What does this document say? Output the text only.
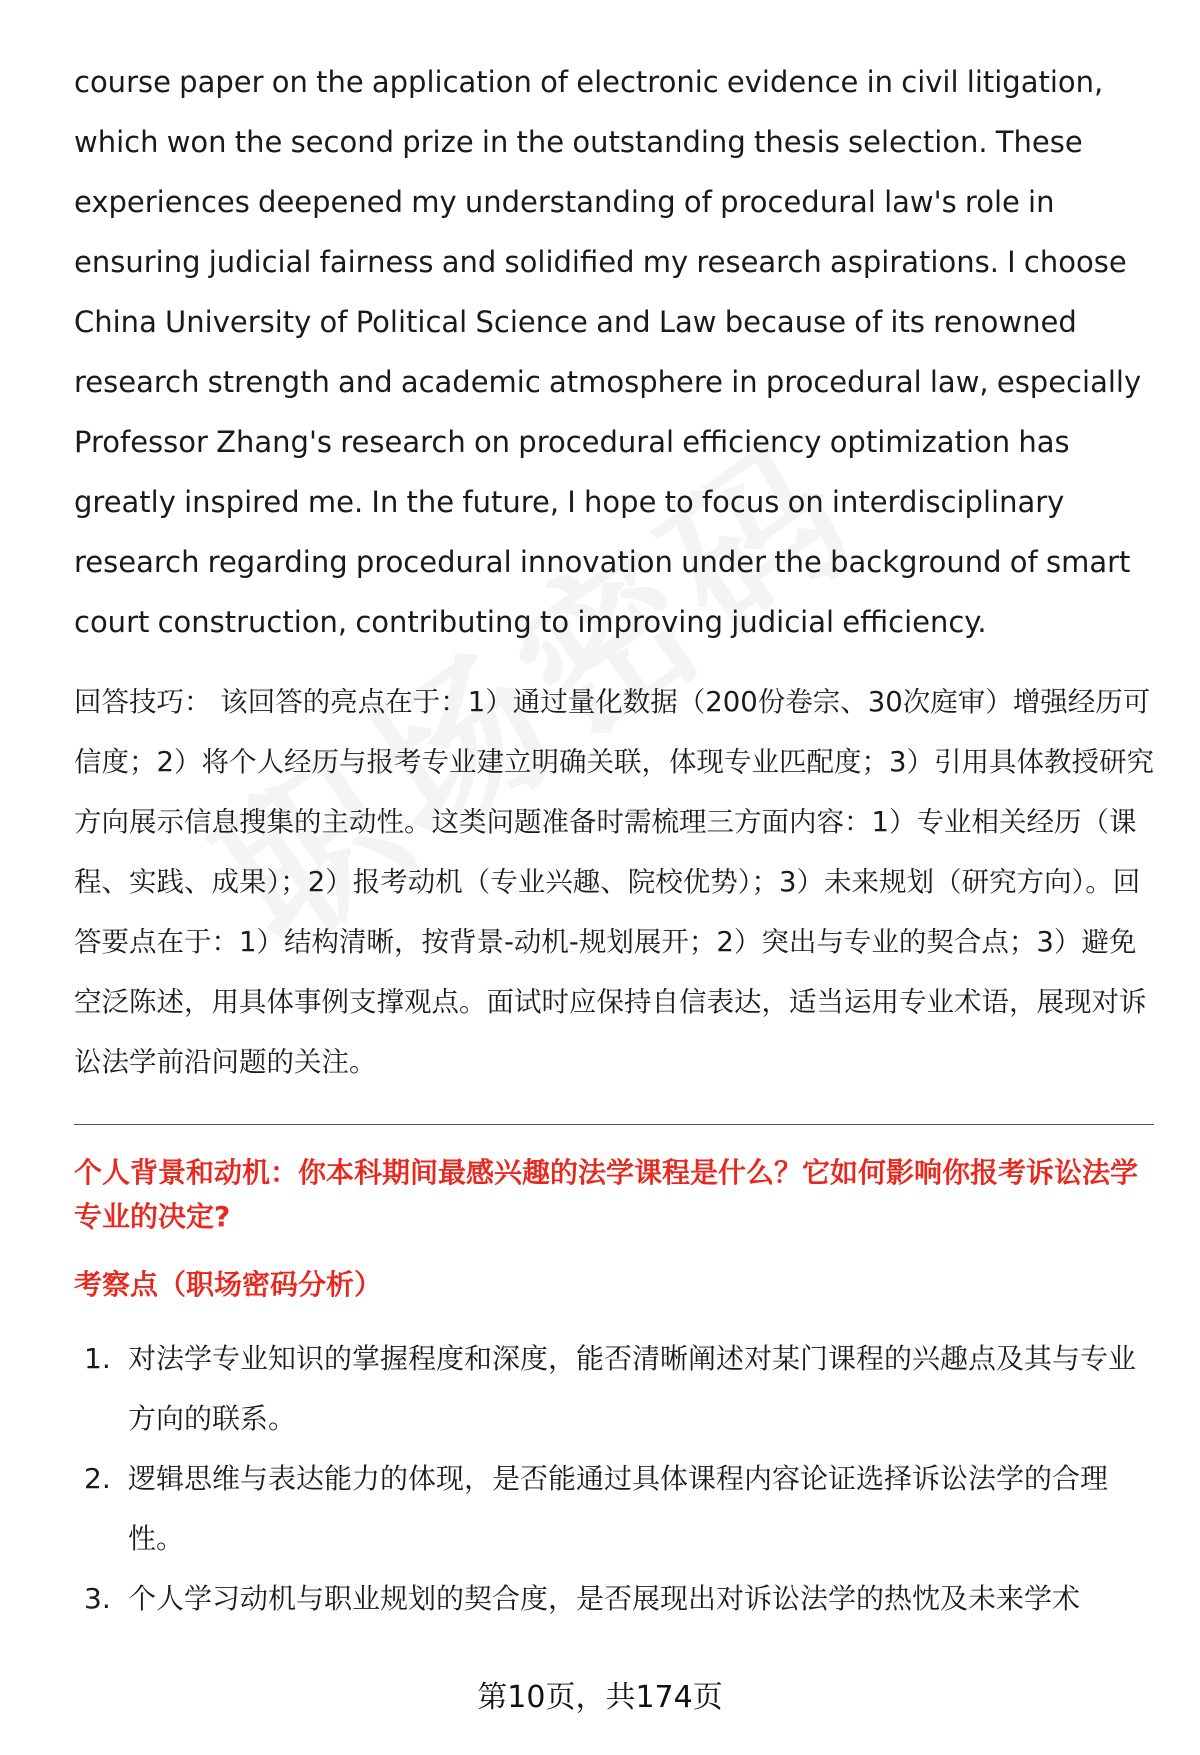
course paper on the application of electronic evidence in civil litigation, which won the second prize in the outstanding thesis selection. These experiences deepened my understanding of procedural law's role in ensuring judicial fairness and solidified my research aspirations. I choose China University of Political Science and Law because of its renowned research strength and academic atmosphere in procedural law, especially Professor Zhang's research on procedural efficiency optimization has greatly inspired me. In the future, I hope to focus on interdisciplinary research regarding procedural innovation under the background of smart court construction, contributing to improving judicial efficiency.

回答技巧： 该回答的亮点在于：1）通过量化数据（200份卷宗、30次庭审）增强经历可信度；2）将个人经历与报考专业建立明确关联，体现专业匹配度；3）引用具体教授研究方向展示信息搜集的主动性。这类问题准备时需梳理三方面内容：1）专业相关经历（课程、实践、成果）；2）报考动机（专业兴趣、院校优势）；3）未来规划（研究方向）。回答要点在于：1）结构清晰，按背景-动机-规划展开；2）突出与专业的契合点；3）避免空泛陈述，用具体事例支撑观点。面试时应保持自信表达，适当运用专业术语，展现对诉讼法学前沿问题的关注。

个人背景和动机：你本科期间最感兴趣的法学课程是什么？它如何影响你报考诉讼法学专业的决定?

考察点（职场密码分析）

1. 对法学专业知识的掌握程度和深度，能否清晰阐述对某门课程的兴趣点及其与专业方向的联系。
2. 逻辑思维与表达能力的体现，是否能通过具体课程内容论证选择诉讼法学的合理性。
3. 个人学习动机与职业规划的契合度，是否展现出对诉讼法学的热忱及未来学术
第10页，共174页
